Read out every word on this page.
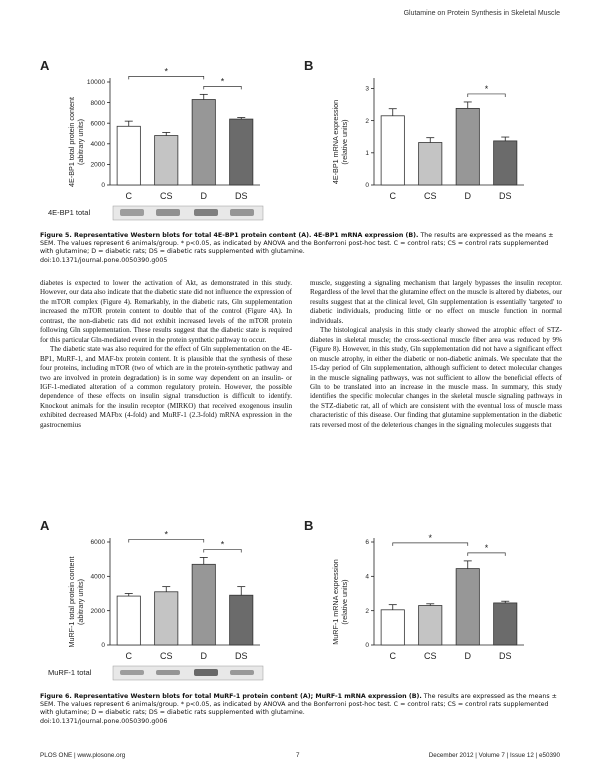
Glutamine on Protein Synthesis in Skeletal Muscle
A
4E-BP1 total protein content (abitrary units)
0
2000
4000
6000
8000
10000
C	CS	D	DS
*
*
4E-BP1 total
B
4E-BP1 mRNA expression (relative units)
0
1
2
3
C	CS	D	DS
*
Figure 5. Representative Western blots for total 4E-BP1 protein content (A). 4E-BP1 mRNA expression (B). The results are expressed as the means ± SEM. The values represent 6 animals/group. * p<0.05, as indicated by ANOVA and the Bonferroni post-hoc test. C = control rats; CS = control rats supplemented with glutamine; D = diabetic rats; DS = diabetic rats supplemented with glutamine.
doi:10.1371/journal.pone.0050390.g005

diabetes is expected to lower the activation of Akt, as demonstrated in this study. However, our data also indicate that the diabetic state did not influence the expression of the mTOR complex (Figure 4). Remarkably, in the diabetic rats, Gln supplementation increased the mTOR protein content to double that of the control (Figure 4A). In contrast, the non-diabetic rats did not exhibit increased levels of the mTOR protein following Gln supplementation. These results suggest that the diabetic state is required for this particular Gln-mediated event in the protein synthetic pathway to occur.

The diabetic state was also required for the effect of Gln supplementation on the 4E-BP1, MuRF-1, and MAF-bx protein content. It is plausible that the synthesis of these four proteins, including mTOR (two of which are in the protein-synthetic pathway and two are involved in protein degradation) is in some way dependent on an insulin- or IGF-1-mediated alteration of a common regulatory protein. However, the possible dependence of these effects on insulin signal transduction is difficult to identify. Knockout animals for the insulin receptor (MIRKO) that received exogenous insulin exhibited decreased MAFbx (4-fold) and MuRF-1 (2.3-fold) mRNA expression in the gastrocnemius

muscle, suggesting a signaling mechanism that largely bypasses the insulin receptor. Regardless of the level that the glutamine effect on the muscle is altered by diabetes, our results suggest that at the clinical level, Gln supplementation is essentially 'targeted' to diabetic individuals, producing little or no effect on muscle function in normal individuals.

The histological analysis in this study clearly showed the atrophic effect of STZ-diabetes in skeletal muscle; the cross-sectional muscle fiber area was reduced by 9% (Figure 8). However, in this study, Gln supplementation did not have a significant effect on muscle atrophy, in either the diabetic or non-diabetic animals. We speculate that the 15-day period of Gln supplementation, although sufficient to detect molecular changes in the muscle signaling pathways, was not sufficient to allow the beneficial effects of Gln to be translated into an increase in the muscle mass. In summary, this study identifies the specific molecular changes in the skeletal muscle signaling pathways in the STZ-diabetic rat, all of which are consistent with the eventual loss of muscle mass characteristic of this disease. Our finding that glutamine supplementation in the diabetic rats reversed most of the deleterious changes in the signaling molecules suggests that

A
MuRF-1 total protein content (abitrary units)
0
2000
4000
6000
C	CS	D	DS
*
*
MuRF-1 total
B
MuRF-1 mRNA expression (relative units)
0
2
4
6
C	CS	D	DS
*
*
Figure 6. Representative Western blots for total MuRF-1 protein content (A); MuRF-1 mRNA expression (B). The results are expressed as the means ± SEM. The values represent 6 animals/group. * p<0.05, as indicated by ANOVA and the Bonferroni post-hoc test. C = control rats; CS = control rats supplemented with glutamine; D = diabetic rats; DS = diabetic rats supplemented with glutamine.
doi:10.1371/journal.pone.0050390.g006
PLOS ONE | www.plosone.org	7	December 2012 | Volume 7 | Issue 12 | e50390
